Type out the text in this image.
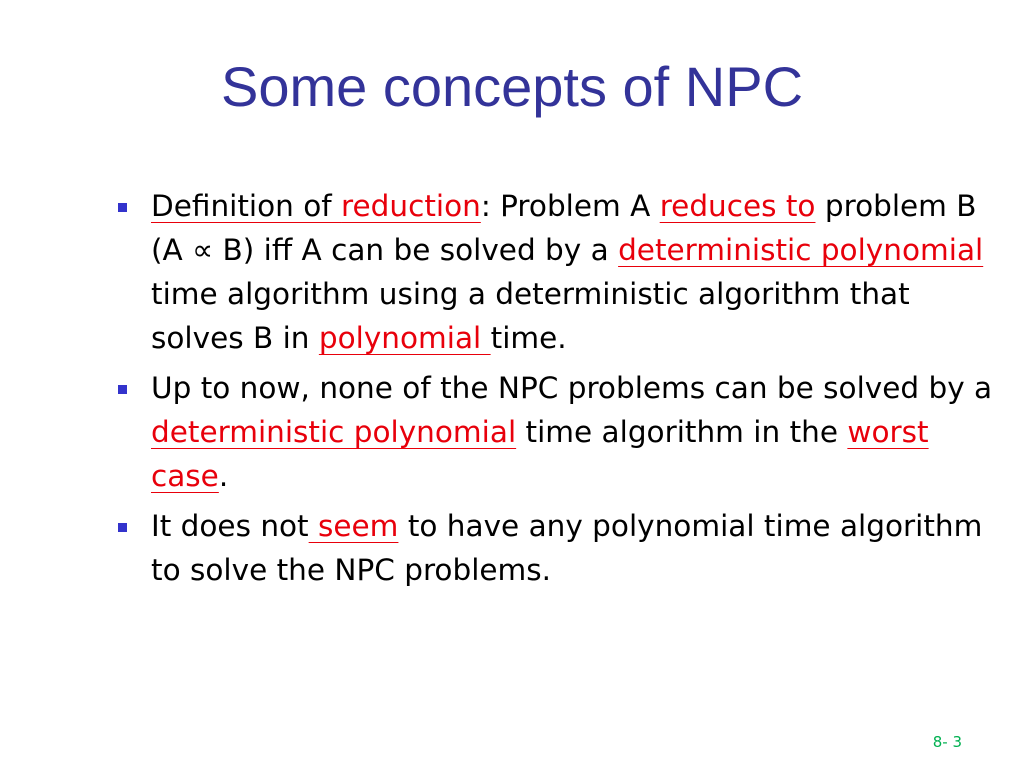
Some concepts of NPC
Definition of reduction: Problem A reduces to problem B (A ∝ B) iff A can be solved by a deterministic polynomial time algorithm using a deterministic algorithm that solves B in polynomial time.
Up to now, none of the NPC problems can be solved by a deterministic polynomial time algorithm in the worst case.
It does not seem to have any polynomial time algorithm to solve the NPC problems.
8- 3
